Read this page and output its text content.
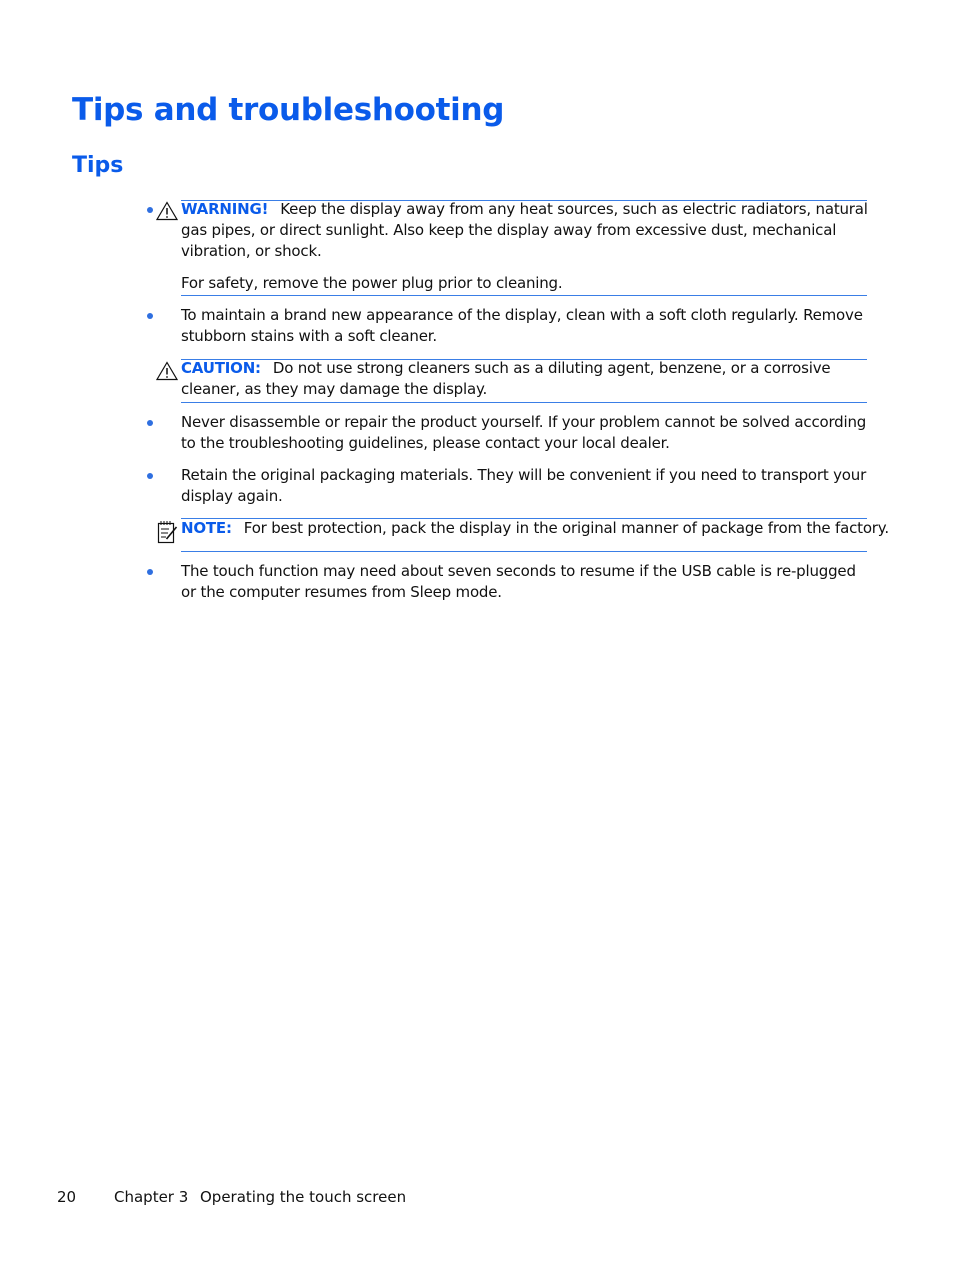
Tips and troubleshooting
Tips
WARNING! Keep the display away from any heat sources, such as electric radiators, natural gas pipes, or direct sunlight. Also keep the display away from excessive dust, mechanical vibration, or shock.
For safety, remove the power plug prior to cleaning.
To maintain a brand new appearance of the display, clean with a soft cloth regularly. Remove stubborn stains with a soft cleaner.
CAUTION: Do not use strong cleaners such as a diluting agent, benzene, or a corrosive cleaner, as they may damage the display.
Never disassemble or repair the product yourself. If your problem cannot be solved according to the troubleshooting guidelines, please contact your local dealer.
Retain the original packaging materials. They will be convenient if you need to transport your display again.
NOTE: For best protection, pack the display in the original manner of package from the factory.
The touch function may need about seven seconds to resume if the USB cable is re-plugged or the computer resumes from Sleep mode.
20	Chapter 3 Operating the touch screen
